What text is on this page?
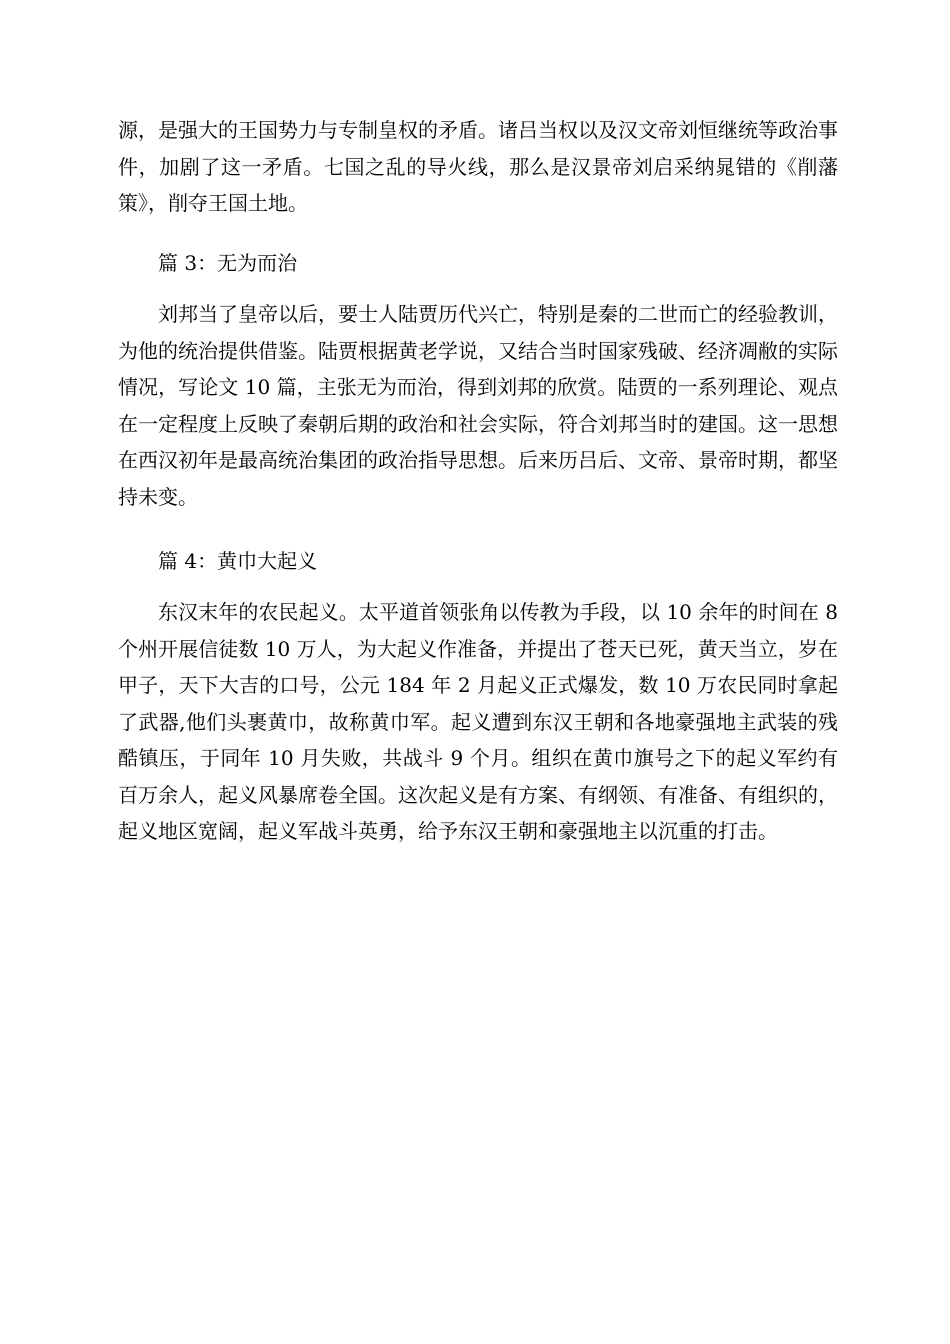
源，是强大的王国势力与专制皇权的矛盾。诸吕当权以及汉文帝刘恒继统等政治事件，加剧了这一矛盾。七国之乱的导火线，那么是汉景帝刘启采纳晁错的《削藩策》，削夺王国土地。

篇 3：无为而治

刘邦当了皇帝以后，要士人陆贾历代兴亡，特别是秦的二世而亡的经验教训，为他的统治提供借鉴。陆贾根据黄老学说，又结合当时国家残破、经济凋敝的实际情况，写论文 10 篇，主张无为而治，得到刘邦的欣赏。陆贾的一系列理论、观点在一定程度上反映了秦朝后期的政治和社会实际，符合刘邦当时的建国。这一思想在西汉初年是最高统治集团的政治指导思想。后来历吕后、文帝、景帝时期，都坚持未变。

篇 4：黄巾大起义

东汉末年的农民起义。太平道首领张角以传教为手段，以 10 余年的时间在 8 个州开展信徒数 10 万人，为大起义作准备，并提出了苍天已死，黄天当立，岁在甲子，天下大吉的口号，公元 184 年 2 月起义正式爆发，数 10 万农民同时拿起了武器,他们头裹黄巾，故称黄巾军。起义遭到东汉王朝和各地豪强地主武装的残酷镇压，于同年 10 月失败，共战斗 9 个月。组织在黄巾旗号之下的起义军约有百万余人，起义风暴席卷全国。这次起义是有方案、有纲领、有准备、有组织的，起义地区宽阔，起义军战斗英勇，给予东汉王朝和豪强地主以沉重的打击。
